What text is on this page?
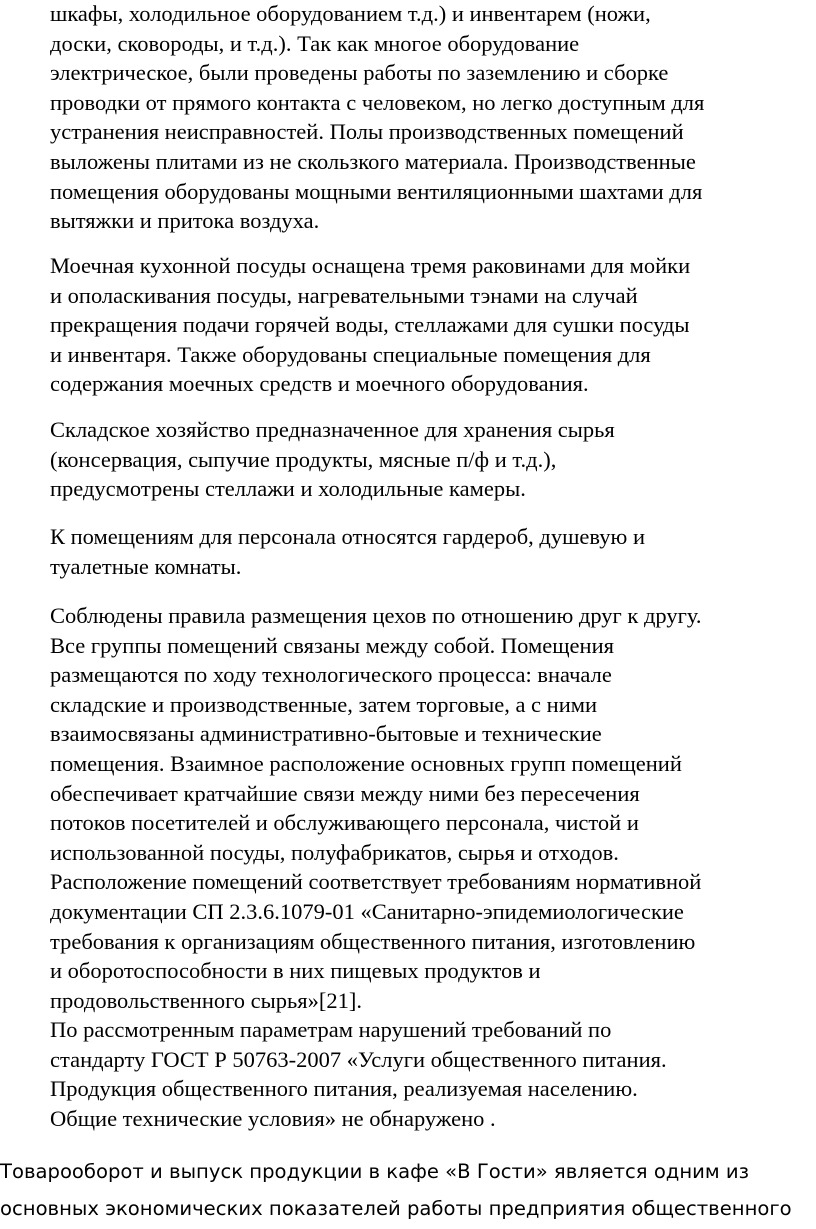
шкафы, холодильное оборудованием т.д.) и инвентарем (ножи,
доски, сковороды, и т.д.). Так как многое оборудование
электрическое, были проведены работы по заземлению и сборке
проводки от прямого контакта с человеком, но легко доступным для
устранения неисправностей. Полы производственных помещений
выложены плитами из не скользкого материала. Производственные
помещения оборудованы мощными вентиляционными шахтами для
вытяжки и притока воздуха.

Моечная кухонной посуды оснащена тремя раковинами для мойки
и ополаскивания посуды, нагревательными тэнами на случай
прекращения подачи горячей воды, стеллажами для сушки посуды
и инвентаря. Также оборудованы специальные помещения для
содержания моечных средств и моечного оборудования.

Складское хозяйство предназначенное для хранения сырья
(консервация, сыпучие продукты, мясные п/ф и т.д.),
предусмотрены стеллажи и холодильные камеры.

К помещениям для персонала относятся гардероб, душевую и
туалетные комнаты.

Соблюдены правила размещения цехов по отношению друг к другу.
Все группы помещений связаны между собой. Помещения
размещаются по ходу технологического процесса: вначале
складские и производственные, затем торговые, а с ними
взаимосвязаны административно-бытовые и технические
помещения. Взаимное расположение основных групп помещений
обеспечивает кратчайшие связи между ними без пересечения
потоков посетителей и обслуживающего персонала, чистой и
использованной посуды, полуфабрикатов, сырья и отходов.
Расположение помещений соответствует требованиям нормативной
документации СП 2.3.6.1079-01 «Санитарно-эпидемиологические
требования к организациям общественного питания, изготовлению
и оборотоспособности в них пищевых продуктов и
продовольственного сырья»[21].

По рассмотренным параметрам нарушений требований по
стандарту ГОСТ Р 50763-2007 «Услуги общественного питания.
Продукция общественного питания, реализуемая населению.
Общие технические условия» не обнаружено .

Товарооборот и выпуск продукции в кафе «В Гости» является одним из
основных экономических показателей работы предприятия общественного
